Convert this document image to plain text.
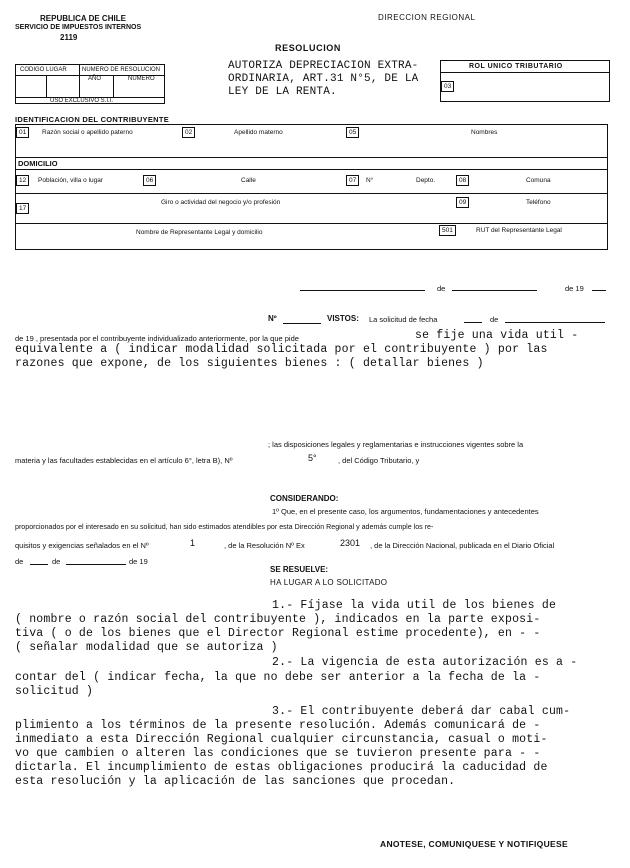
REPUBLICA DE CHILE
SERVICIO DE IMPUESTOS INTERNOS
2119
DIRECCION REGIONAL
RESOLUCION
CODIGO LUGAR	NUMERO DE RESOLUCION
AÑO	NUMERO
USO EXCLUSIVO S.I.I.
AUTORIZA DEPRECIACION EXTRA-
ORDINARIA, ART.31 N°5, DE LA
LEY DE LA RENTA.
ROL UNICO TRIBUTARIO
03
IDENTIFICACION DEL CONTRIBUYENTE
01	Razón social o apellido paterno	02	Apellido materno	05	Nombres
DOMICILIO
12	Población, villa o lugar	06	Calle	07	N°	Depto.	08	Comuna
17
Giro o actividad del negocio y/o profesión	09	Teléfono
Nombre de Representante Legal y domicilio	501	RUT del Representante Legal
de	de 19
Nº	VISTOS: La solicitud de fecha	de
de 19 , presentada por el contribuyente individualizado anteriormente, por la que pide	se fije una vida util -
equivalente a ( indicar modalidad solicitada por el contribuyente ) por las
razones que expone, de los siguientes bienes : ( detallar bienes )
; las disposiciones legales y reglamentarias e instrucciones vigentes sobre la
materia y las facultades establecidas en el artículo 6°, letra B), Nº	5°	, del Código Tributario, y
CONSIDERANDO:
1º Que, en el presente caso, los argumentos, fundamentaciones y antecedentes
proporcionados por el interesado en su solicitud, han sido estimados atendibles por esta Dirección Regional y además cumple los re-
quisitos y exigencias señalados en el Nº	1	, de la Resolución Nº Ex	2301 , de la Dirección Nacional, publicada en el Diario Oficial
de	de	de 19
SE RESUELVE:
HA LUGAR A LO SOLICITADO
1.- Fíjase la vida util de los bienes de
( nombre o razón social del contribuyente ), indicados en la parte exposi-
tiva ( o de los bienes que el Director Regional estime procedente), en - -
( señalar modalidad que se autoriza )
2.- La vigencia de esta autorización es a -
contar del ( indicar fecha, la que no debe ser anterior a la fecha de la -
solicitud )
3.- El contribuyente deberá dar cabal cum-
plimiento a los términos de la presente resolución. Además comunicará de -
inmediato a esta Dirección Regional cualquier circunstancia, casual o moti-
vo que cambien o alteren las condiciones que se tuvieron presente para - -
dictarla. El incumplimiento de estas obligaciones producirá la caducidad de
esta resolución y la aplicación de las sanciones que procedan.
ANOTESE, COMUNIQUESE Y NOTIFIQUESE
